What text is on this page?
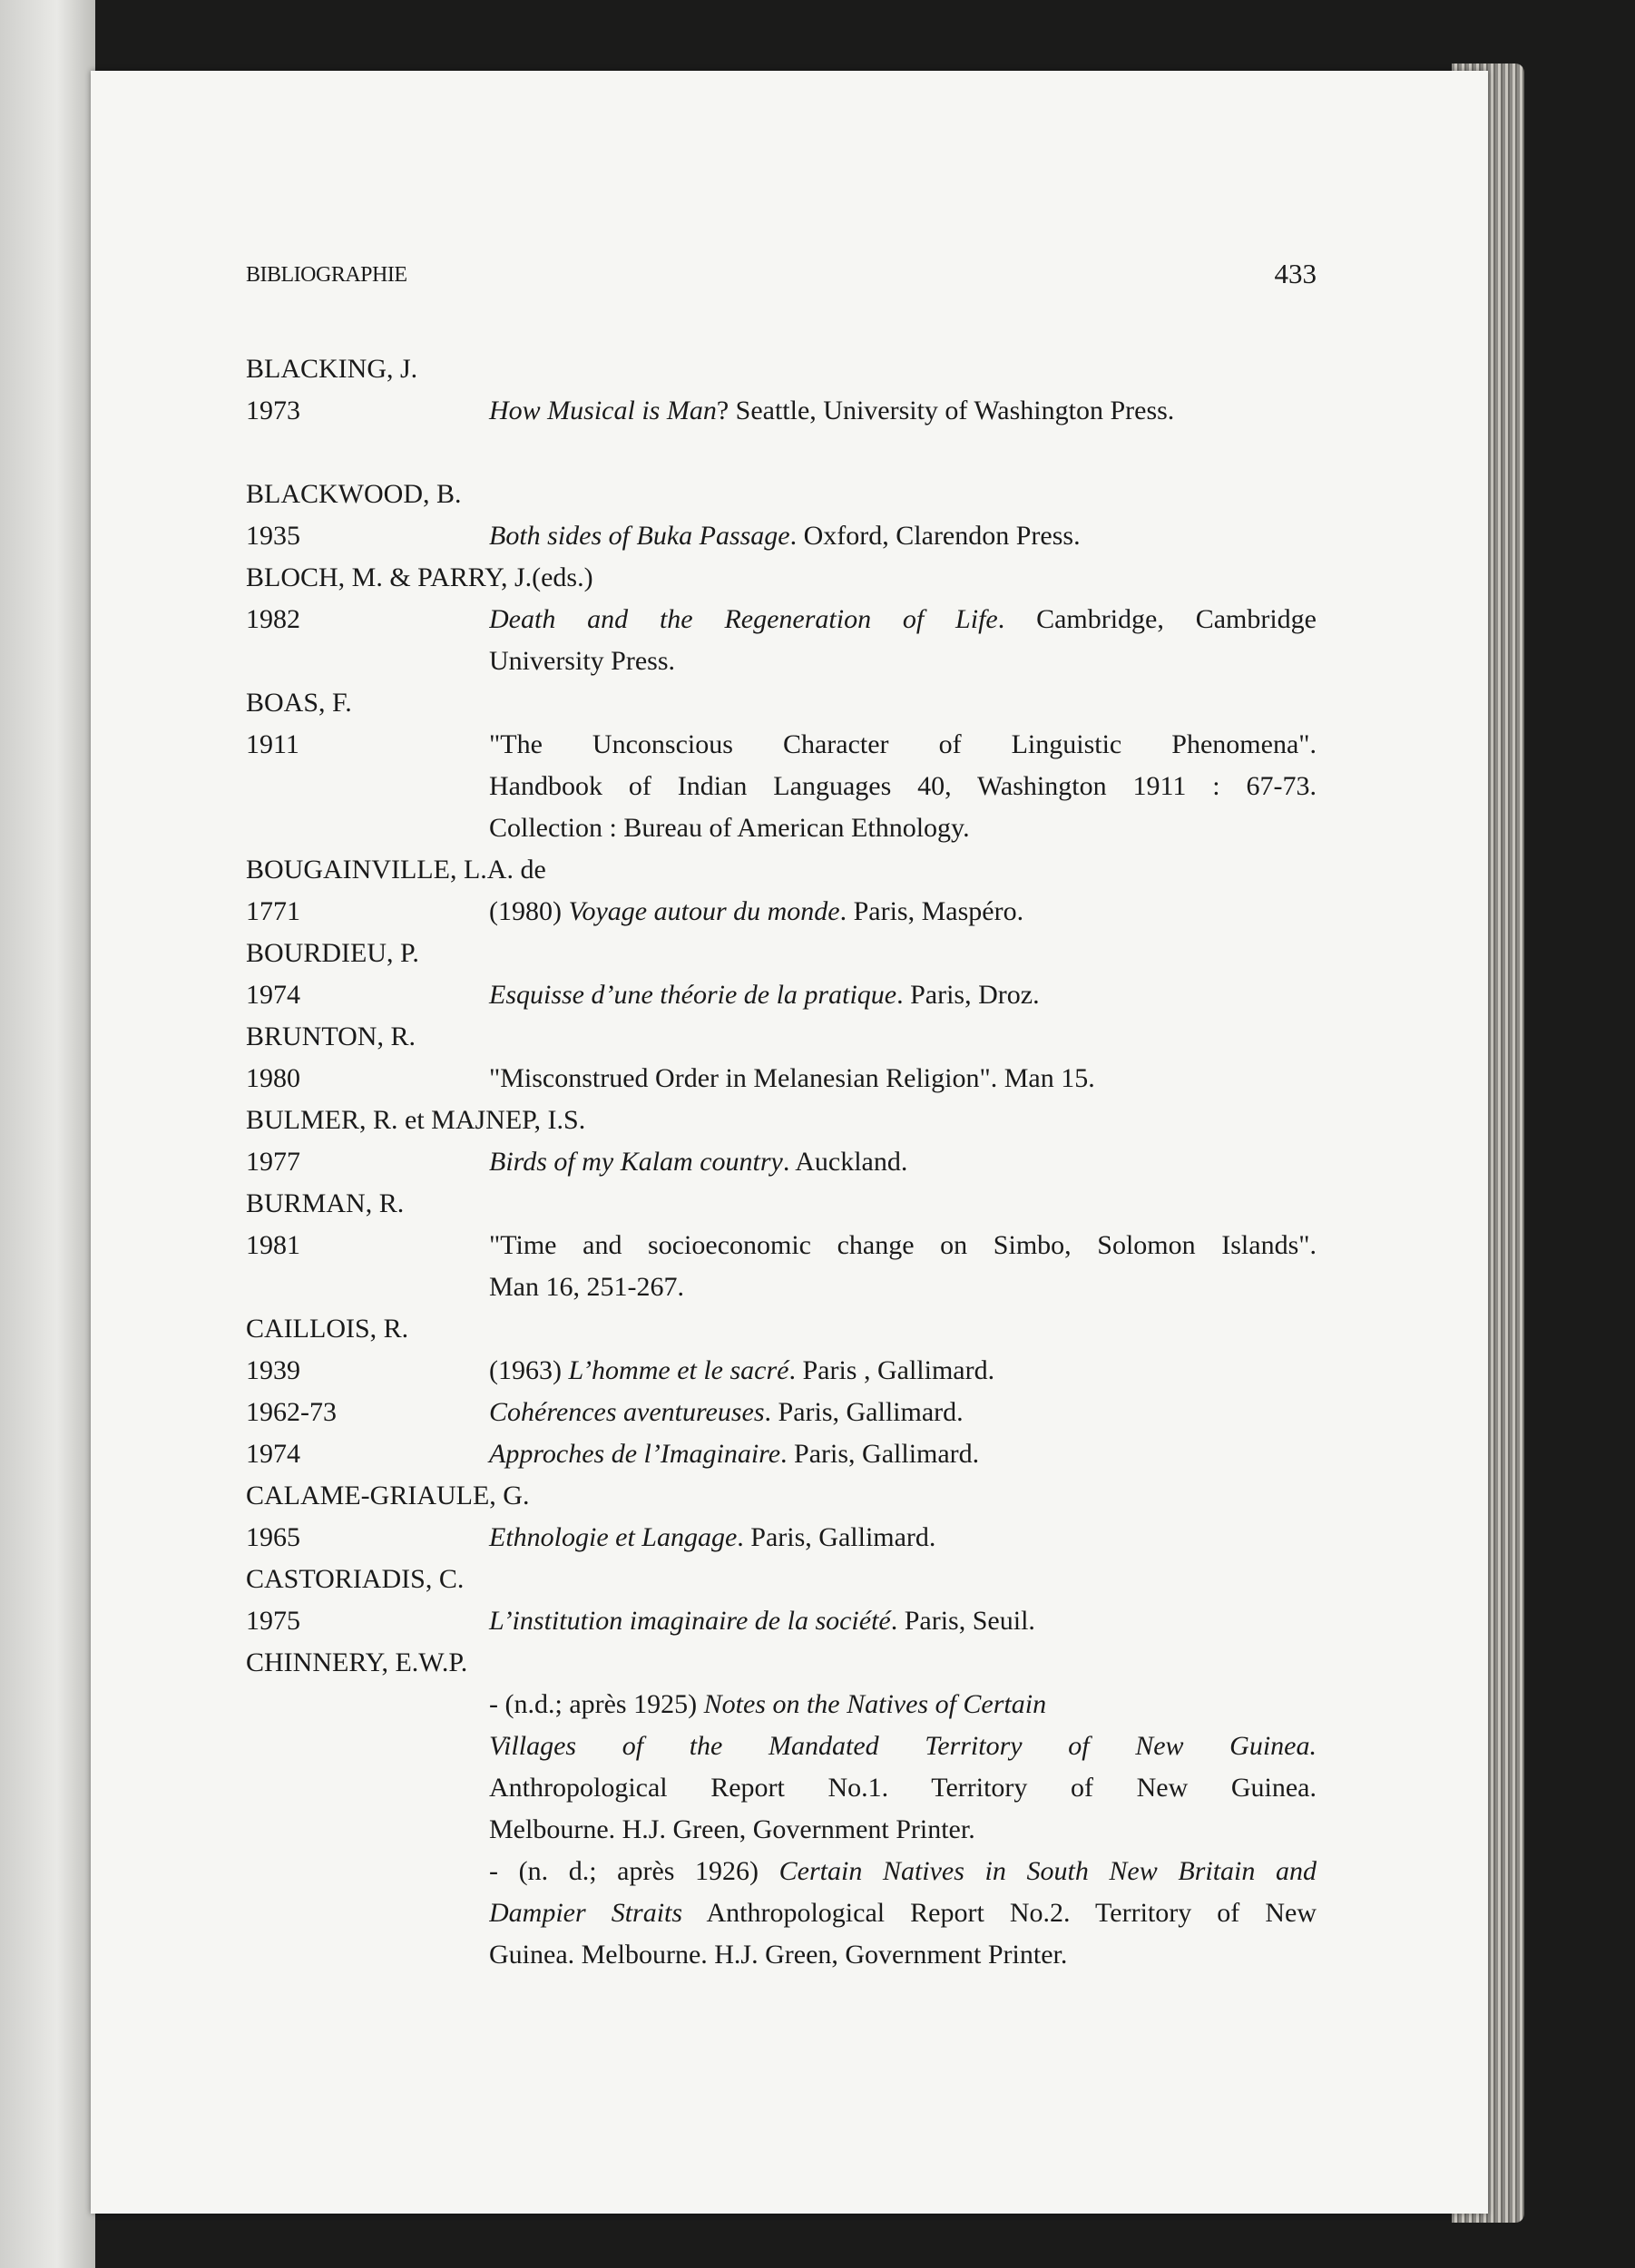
BIBLIOGRAPHIE	433
BLACKING, J.
1973	How Musical is Man? Seattle, University of Washington Press.
BLACKWOOD, B.
1935	Both sides of Buka Passage. Oxford, Clarendon Press.
BLOCH, M. & PARRY, J.(eds.)
1982	Death and the Regeneration of Life. Cambridge, Cambridge
University Press.
BOAS, F.
1911	"The Unconscious Character of Linguistic Phenomena".
Handbook of Indian Languages 40, Washington 1911 : 67-73.
Collection : Bureau of American Ethnology.
BOUGAINVILLE, L.A. de
1771	(1980) Voyage autour du monde. Paris, Maspéro.
BOURDIEU, P.
1974	Esquisse d’une théorie de la pratique. Paris, Droz.
BRUNTON, R.
1980	"Misconstrued Order in Melanesian Religion". Man 15.
BULMER, R. et MAJNEP, I.S.
1977	Birds of my Kalam country. Auckland.
BURMAN, R.
1981	"Time and socioeconomic change on Simbo, Solomon Islands".
Man 16, 251-267.
CAILLOIS, R.
1939	(1963) L’homme et le sacré. Paris , Gallimard.
1962-73	Cohérences aventureuses. Paris, Gallimard.
1974	Approches de l’Imaginaire. Paris, Gallimard.
CALAME-GRIAULE, G.
1965	Ethnologie et Langage. Paris, Gallimard.
CASTORIADIS, C.
1975	L’institution imaginaire de la société. Paris, Seuil.
CHINNERY, E.W.P.
- (n.d.; après 1925) Notes on the Natives of Certain
Villages of the Mandated Territory of New Guinea.
Anthropological Report No.1. Territory of New Guinea.
Melbourne. H.J. Green, Government Printer.
- (n. d.; après 1926) Certain Natives in South New Britain and
Dampier Straits Anthropological Report No.2. Territory of New
Guinea. Melbourne. H.J. Green, Government Printer.
